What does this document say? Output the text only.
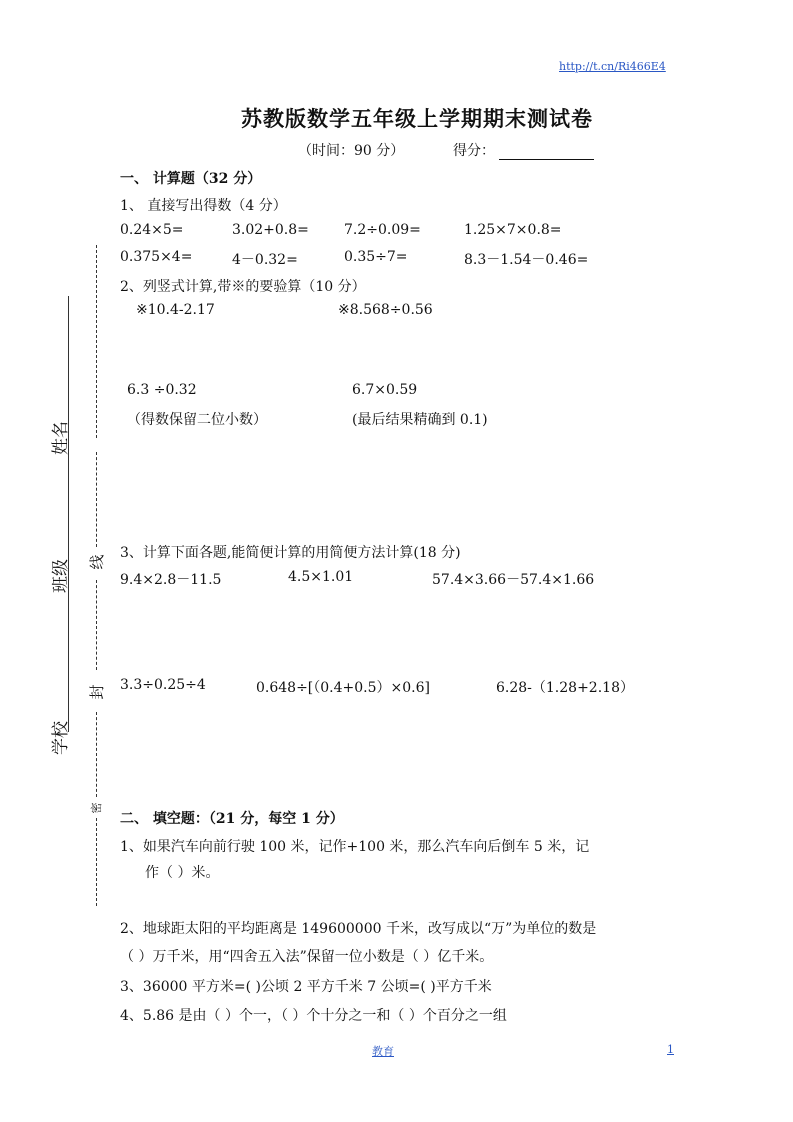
http://t.cn/Ri466E4
苏教版数学五年级上学期期末测试卷
（时间：90 分）	得分：
一、 计算题（32 分）
1、 直接写出得数（4 分）
0.24×5=	3.02+0.8=	7.2÷0.09=	1.25×7×0.8=
0.375×4=	4－0.32=	0.35÷7=	8.3－1.54－0.46=
2、列竖式计算,带※的要验算（10 分）
※10.4-2.17	※8.568÷0.56
6.3 ÷0.32	6.7×0.59
（得数保留二位小数）	(最后结果精确到 0.1)
3、计算下面各题,能简便计算的用简便方法计算(18 分)
9.4×2.8－11.5	4.5×1.01	57.4×3.66－57.4×1.66
3.3÷0.25÷4	0.648÷[（0.4+0.5）×0.6]	6.28-（1.28+2.18）
二、 填空题：（21 分，每空 1 分）
1、如果汽车向前行驶 100 米，记作+100 米，那么汽车向后倒车 5 米，记
作（ ）米。
2、地球距太阳的平均距离是 149600000 千米，改写成以“万”为单位的数是
（ ）万千米，用“四舍五入法”保留一位小数是（ ）亿千米。
3、36000 平方米=( )公顷 2 平方千米 7 公顷=( )平方千米
4、5.86 是由（ ）个一，（ ）个十分之一和（ ）个百分之一组
姓名
班级
学校
线
封
密
教育	1
